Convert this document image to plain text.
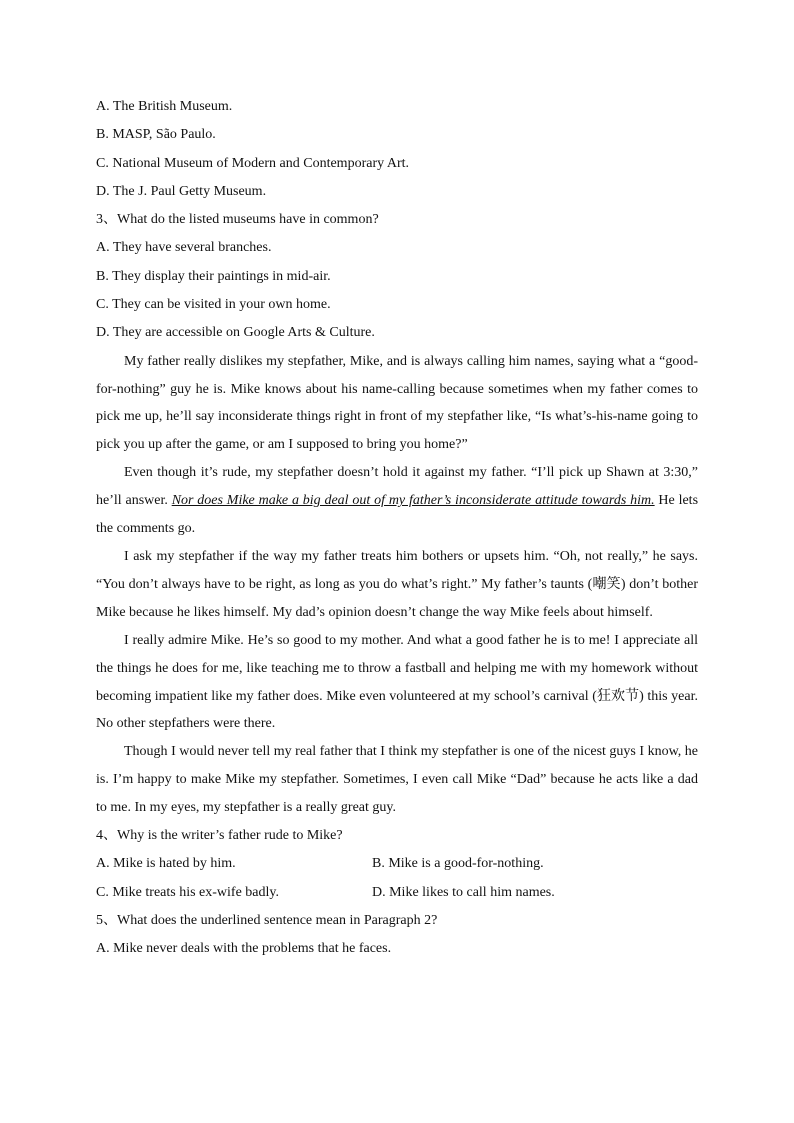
A. The British Museum.
B. MASP, São Paulo.
C. National Museum of Modern and Contemporary Art.
D. The J. Paul Getty Museum.
3、What do the listed museums have in common?
A. They have several branches.
B. They display their paintings in mid-air.
C. They can be visited in your own home.
D. They are accessible on Google Arts & Culture.
My father really dislikes my stepfather, Mike, and is always calling him names, saying what a “good-for-nothing” guy he is. Mike knows about his name-calling because sometimes when my father comes to pick me up, he’ll say inconsiderate things right in front of my stepfather like, “Is what’s-his-name going to pick you up after the game, or am I supposed to bring you home?”
Even though it’s rude, my stepfather doesn’t hold it against my father. “I’ll pick up Shawn at 3:30,” he’ll answer. Nor does Mike make a big deal out of my father’s inconsiderate attitude towards him. He lets the comments go.
I ask my stepfather if the way my father treats him bothers or upsets him. “Oh, not really,” he says. “You don’t always have to be right, as long as you do what’s right.” My father’s taunts (嘲笑) don’t bother Mike because he likes himself. My dad’s opinion doesn’t change the way Mike feels about himself.
I really admire Mike. He’s so good to my mother. And what a good father he is to me! I appreciate all the things he does for me, like teaching me to throw a fastball and helping me with my homework without becoming impatient like my father does. Mike even volunteered at my school’s carnival (狂欢节) this year. No other stepfathers were there.
Though I would never tell my real father that I think my stepfather is one of the nicest guys I know, he is. I’m happy to make Mike my stepfather. Sometimes, I even call Mike “Dad” because he acts like a dad to me. In my eyes, my stepfather is a really great guy.
4、Why is the writer’s father rude to Mike?
A. Mike is hated by him.	B. Mike is a good-for-nothing.
C. Mike treats his ex-wife badly.	D. Mike likes to call him names.
5、What does the underlined sentence mean in Paragraph 2?
A. Mike never deals with the problems that he faces.
